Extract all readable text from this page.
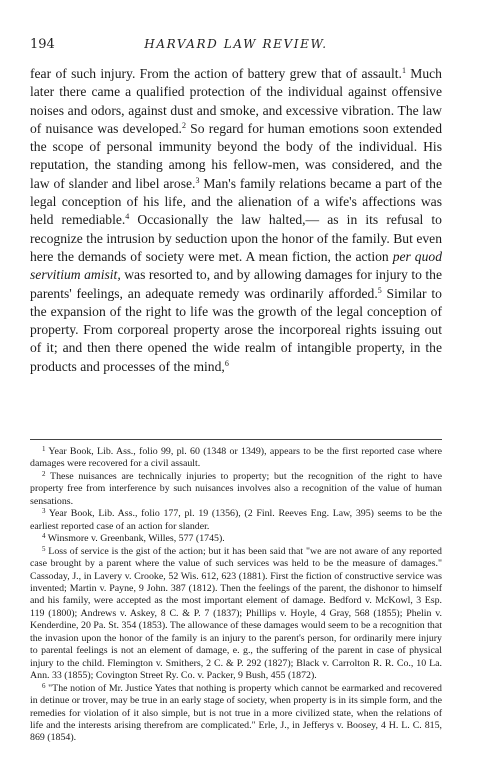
194	HARVARD LAW REVIEW.

fear of such injury. From the action of battery grew that of assault.$^1$ Much later there came a qualified protection of the individual against offensive noises and odors, against dust and smoke, and excessive vibration. The law of nuisance was developed.$^2$ So regard for human emotions soon extended the scope of personal immunity beyond the body of the individual. His reputation, the standing among his fellow-men, was considered, and the law of slander and libel arose.$^3$ Man's family relations became a part of the legal conception of his life, and the alienation of a wife's affections was held remediable.$^4$ Occasionally the law halted,— as in its refusal to recognize the intrusion by seduction upon the honor of the family. But even here the demands of society were met. A mean fiction, the action per quod servitium amisit, was resorted to, and by allowing damages for injury to the parents' feelings, an adequate remedy was ordinarily afforded.$^5$ Similar to the expansion of the right to life was the growth of the legal conception of property. From corporeal property arose the incorporeal rights issuing out of it; and then there opened the wide realm of intangible property, in the products and processes of the mind,$^6$

$^1$ Year Book, Lib. Ass., folio 99, pl. 60 (1348 or 1349), appears to be the first reported case where damages were recovered for a civil assault.

$^2$ These nuisances are technically injuries to property; but the recognition of the right to have property free from interference by such nuisances involves also a recognition of the value of human sensations.

$^3$ Year Book, Lib. Ass., folio 177, pl. 19 (1356), (2 Finl. Reeves Eng. Law, 395) seems to be the earliest reported case of an action for slander.

$^4$ Winsmore v. Greenbank, Willes, 577 (1745).

$^5$ Loss of service is the gist of the action; but it has been said that "we are not aware of any reported case brought by a parent where the value of such services was held to be the measure of damages." Cassoday, J., in Lavery v. Crooke, 52 Wis. 612, 623 (1881). First the fiction of constructive service was invented; Martin v. Payne, 9 John. 387 (1812). Then the feelings of the parent, the dishonor to himself and his family, were accepted as the most important element of damage. Bedford v. McKowl, 3 Esp. 119 (1800); Andrews v. Askey, 8 C. & P. 7 (1837); Phillips v. Hoyle, 4 Gray, 568 (1855); Phelin v. Kenderdine, 20 Pa. St. 354 (1853). The allowance of these damages would seem to be a recognition that the invasion upon the honor of the family is an injury to the parent's person, for ordinarily mere injury to parental feelings is not an element of damage, e. g., the suffering of the parent in case of physical injury to the child. Flemington v. Smithers, 2 C. & P. 292 (1827); Black v. Carrolton R. R. Co., 10 La. Ann. 33 (1855); Covington Street Ry. Co. v. Packer, 9 Bush, 455 (1872).

$^6$ "The notion of Mr. Justice Yates that nothing is property which cannot be earmarked and recovered in detinue or trover, may be true in an early stage of society, when property is in its simple form, and the remedies for violation of it also simple, but is not true in a more civilized state, when the relations of life and the interests arising therefrom are complicated." Erle, J., in Jefferys v. Boosey, 4 H. L. C. 815, 869 (1854).
